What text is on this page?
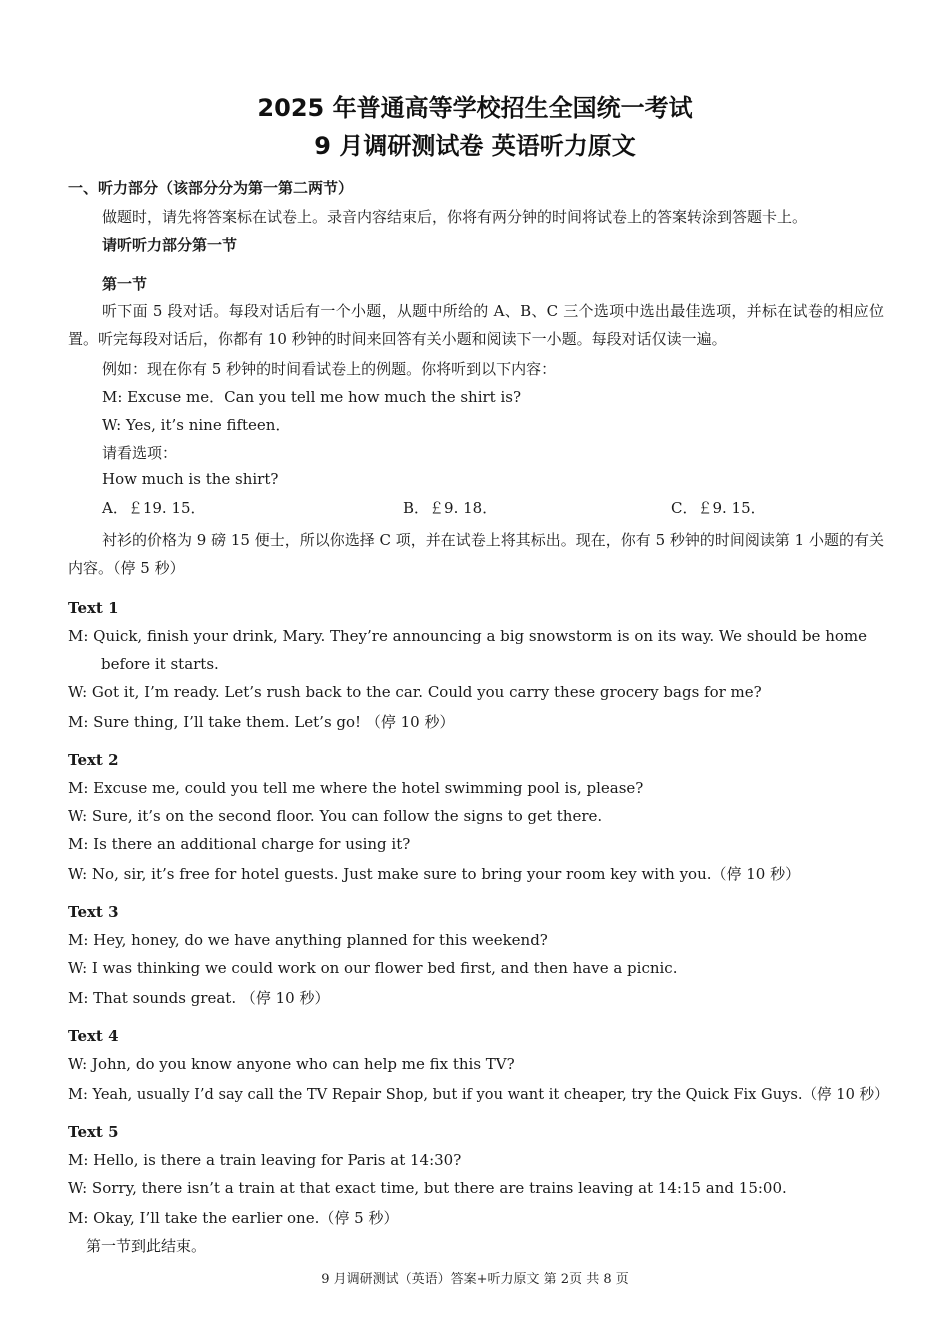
2025 年普通高等学校招生全国统一考试
9 月调研测试卷 英语听力原文
一、听力部分（该部分分为第一第二两节）
做题时，请先将答案标在试卷上。录音内容结束后，你将有两分钟的时间将试卷上的答案转涂到答题卡上。
请听听力部分第一节
第一节
听下面 5 段对话。每段对话后有一个小题，从题中所给的 A、B、C 三个选项中选出最佳选项，并标在试卷的相应位置。听完每段对话后，你都有 10 秒钟的时间来回答有关小题和阅读下一小题。每段对话仅读一遍。
例如：现在你有 5 秒钟的时间看试卷上的例题。你将听到以下内容：
M: Excuse me．Can you tell me how much the shirt is?
W: Yes, it’s nine fifteen．
请看选项：
How much is the shirt?
A．￡19. 15．	B．￡9. 18．	C．￡9. 15．
衬衫的价格为 9 磅 15 便士，所以你选择 C 项，并在试卷上将其标出。现在，你有 5 秒钟的时间阅读第 1 小题的有关内容。（停 5 秒）
Text 1
M: Quick, finish your drink, Mary. They’re announcing a big snowstorm is on its way. We should be home before it starts.
W: Got it, I’m ready. Let’s rush back to the car. Could you carry these grocery bags for me?
M: Sure thing, I’ll take them. Let’s go! （停 10 秒）
Text 2
M: Excuse me, could you tell me where the hotel swimming pool is, please?
W: Sure, it’s on the second floor. You can follow the signs to get there.
M: Is there an additional charge for using it?
W: No, sir, it’s free for hotel guests. Just make sure to bring your room key with you.（停 10 秒）
Text 3
M: Hey, honey, do we have anything planned for this weekend?
W: I was thinking we could work on our flower bed first, and then have a picnic.
M: That sounds great. （停 10 秒）
Text 4
W: John, do you know anyone who can help me fix this TV?
M: Yeah, usually I’d say call the TV Repair Shop, but if you want it cheaper, try the Quick Fix Guys.（停 10 秒）
Text 5
M: Hello, is there a train leaving for Paris at 14:30?
W: Sorry, there isn’t a train at that exact time, but there are trains leaving at 14:15 and 15:00.
M: Okay, I’ll take the earlier one.（停 5 秒）
第一节到此结束。
9 月调研测试（英语）答案+听力原文 第 2页 共 8 页
